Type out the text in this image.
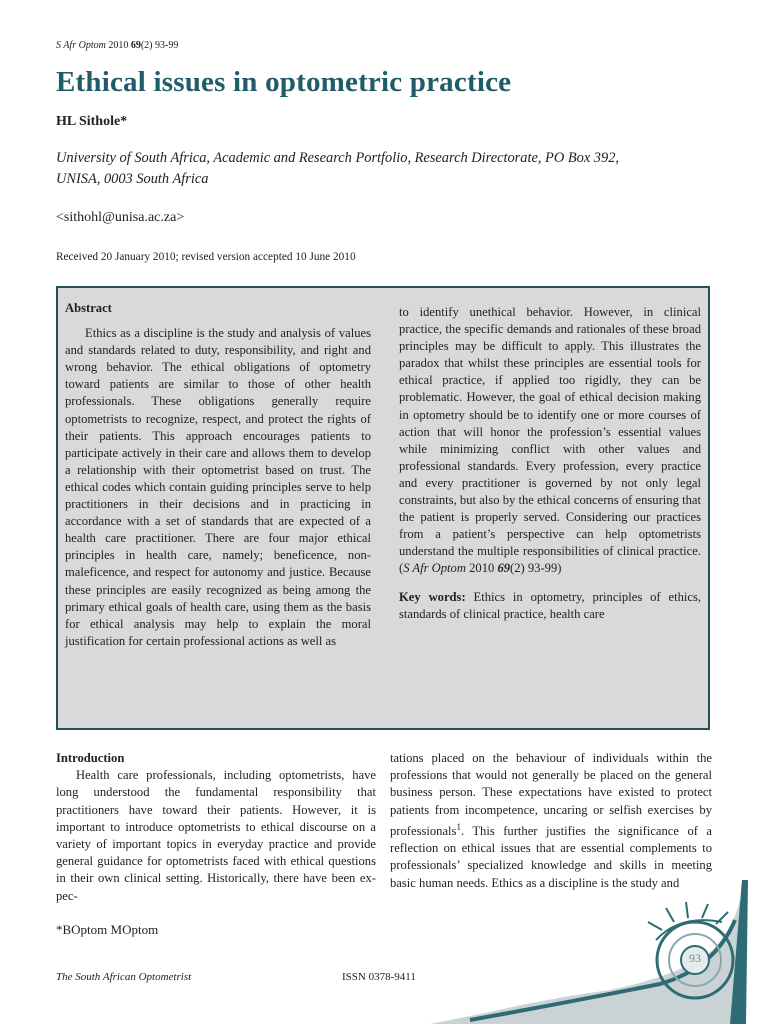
S Afr Optom 2010 69(2) 93-99
Ethical issues in optometric practice
HL Sithole*
University of South Africa, Academic and Research Portfolio, Research Directorate, PO Box 392,
UNISA, 0003 South Africa
<sithohl@unisa.ac.za>
Received 20 January 2010; revised version accepted 10 June 2010

Abstract

Ethics as a discipline is the study and analysis of values and standards related to duty, responsibility, and right and wrong behavior. The ethical obligations of optometry toward patients are similar to those of other health professionals. These obligations generally require optometrists to recognize, respect, and protect the rights of their patients. This approach encourages patients to participate actively in their care and allows them to develop a relationship with their optometrist based on trust. The ethical codes which contain guiding principles serve to help practitioners in their decisions and in practicing in accordance with a set of standards that are expected of a health care practitioner. There are four major ethical principles in health care, namely; beneficence, non-maleficence, and respect for autonomy and justice. Because these principles are easily recognized as being among the primary ethical goals of health care, using them as the basis for ethical analysis may help to explain the moral justification for certain professional actions as well as

to identify unethical behavior. However, in clinical practice, the specific demands and rationales of these broad principles may be difficult to apply. This illustrates the paradox that whilst these principles are essential tools for ethical practice, if applied too rigidly, they can be problematic. However, the goal of ethical decision making in optometry should be to identify one or more courses of action that will honor the profession’s essential values while minimizing conflict with other values and professional standards. Every profession, every practice and every practitioner is governed by not only legal constraints, but also by the ethical concerns of ensuring that the patient is properly served. Considering our practices from a patient’s perspective can help optometrists understand the multiple responsibilities of clinical practice. (S Afr Optom 2010 69(2) 93-99)

Key words: Ethics in optometry, principles of ethics, standards of clinical practice, health care

Introduction

Health care professionals, including optometrists, have long understood the fundamental responsibility that practitioners have toward their patients. However, it is important to introduce optometrists to ethical discourse on a variety of important topics in everyday practice and provide general guidance for optometrists faced with ethical questions in their own clinical setting. Historically, there have been ex-pec-

tations placed on the behaviour of individuals within the professions that would not generally be placed on the general business person. These expectations have existed to protect patients from incompetence, uncaring or selfish exercises by professionals$^1$. This further justifies the significance of a reflection on ethical issues that are essential complements to professionals’ specialized knowledge and skills in meeting basic human needs. Ethics as a discipline is the study and

*BOptom MOptom
93
The South African Optometrist	ISSN 0378-9411
